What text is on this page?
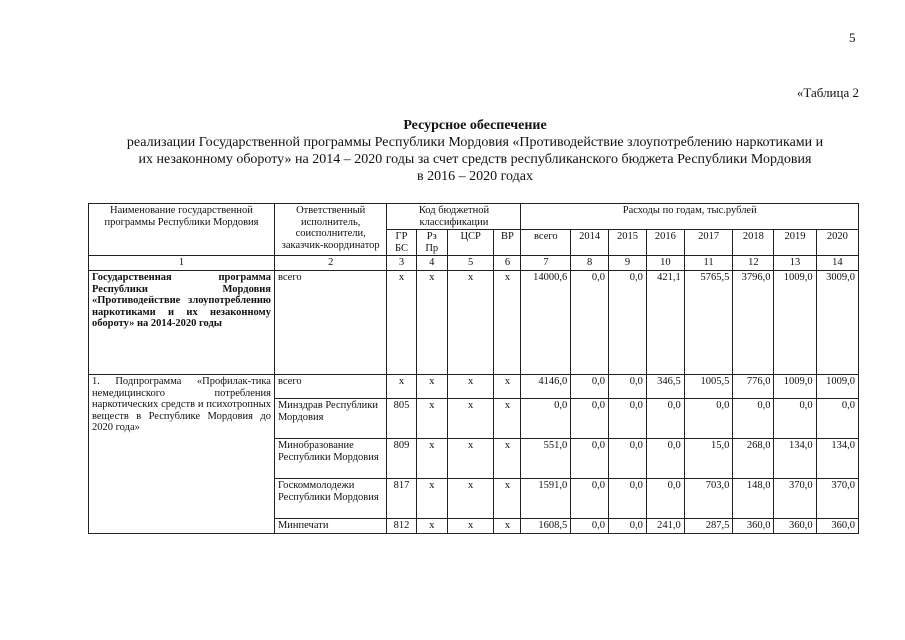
5
«Таблица 2
Ресурсное обеспечение
реализации Государственной программы Республики Мордовия «Противодействие злоупотреблению наркотиками и
их незаконному обороту» на 2014 – 2020 годы за счет средств республиканского бюджета Республики Мордовия
в 2016 – 2020 годах
Наименование государственной программы Республики Мордовия	Ответственный исполнитель, соисполнители, заказчик-координатор	Код бюджетной классификации				Расходы по годам, тыс.рублей							
		ГР БС	Рз Пр	ЦСР	ВР	всего	2014	2015	2016	2017	2018	2019	2020
1	2	3	4	5	6	7	8	9	10	11	12	13	14
Государственная программа Республики Мордовия «Противодействие злоупотреблению наркотиками и их незаконному обороту» на 2014-2020 годы	всего	х	х	х	х	14000,6	0,0	0,0	421,1	5765,5	3796,0	1009,0	3009,0
1. Подпрограмма «Профилак-тика немедицинского потребления наркотических средств и психотропных веществ в Республике Мордовия до 2020 года»	всего	х	х	х	х	4146,0	0,0	0,0	346,5	1005,5	776,0	1009,0	1009,0
	Минздрав Республики Мордовия	805	х	х	х	0,0	0,0	0,0	0,0	0,0	0,0	0,0	0,0
	Минобразование Республики Мордовия	809	х	х	х	551,0	0,0	0,0	0,0	15,0	268,0	134,0	134,0
	Госкоммолодежи Республики Мордовия	817	х	х	х	1591,0	0,0	0,0	0,0	703,0	148,0	370,0	370,0
	Минпечати	812	х	х	х	1608,5	0,0	0,0	241,0	287,5	360,0	360,0	360,0
